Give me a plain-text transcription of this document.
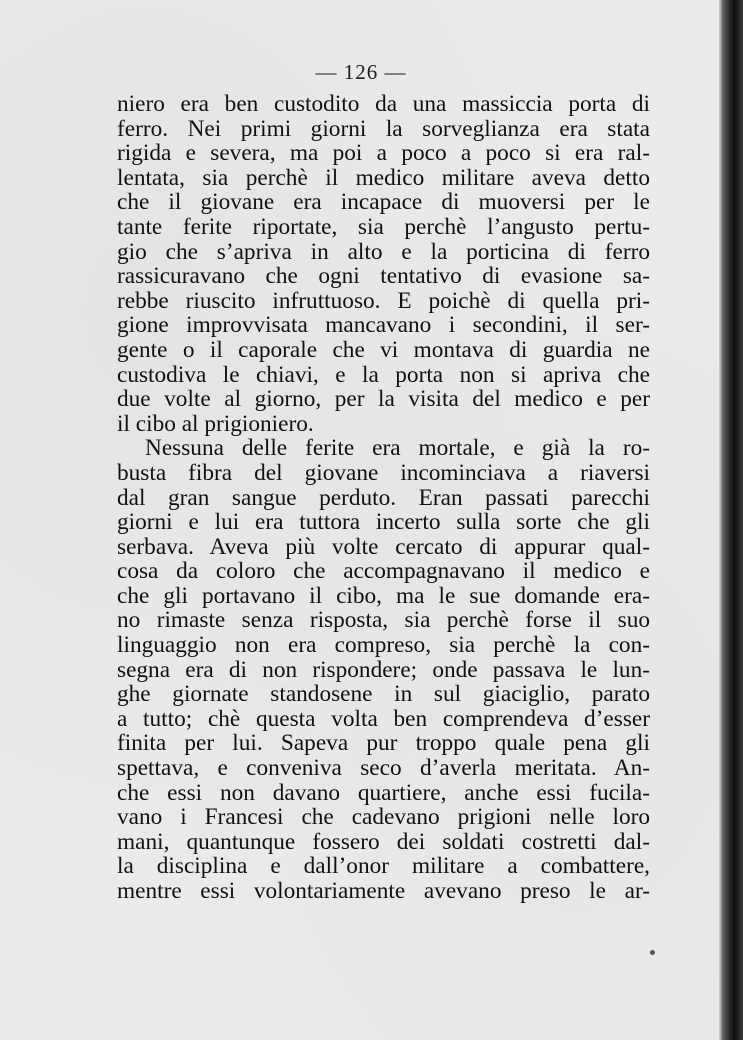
— 126 —
niero era ben custodito da una massiccia porta di
ferro. Nei primi giorni la sorveglianza era stata
rigida e severa, ma poi a poco a poco si era ral-
lentata, sia perchè il medico militare aveva detto
che il giovane era incapace di muoversi per le
tante ferite riportate, sia perchè l’angusto pertu-
gio che s’apriva in alto e la porticina di ferro
rassicuravano che ogni tentativo di evasione sa-
rebbe riuscito infruttuoso. E poichè di quella pri-
gione improvvisata mancavano i secondini, il ser-
gente o il caporale che vi montava di guardia ne
custodiva le chiavi, e la porta non si apriva che
due volte al giorno, per la visita del medico e per
il cibo al prigioniero.
Nessuna delle ferite era mortale, e già la ro-
busta fibra del giovane incominciava a riaversi
dal gran sangue perduto. Eran passati parecchi
giorni e lui era tuttora incerto sulla sorte che gli
serbava. Aveva più volte cercato di appurar qual-
cosa da coloro che accompagnavano il medico e
che gli portavano il cibo, ma le sue domande era-
no rimaste senza risposta, sia perchè forse il suo
linguaggio non era compreso, sia perchè la con-
segna era di non rispondere; onde passava le lun-
ghe giornate standosene in sul giaciglio, parato
a tutto; chè questa volta ben comprendeva d’esser
finita per lui. Sapeva pur troppo quale pena gli
spettava, e conveniva seco d’averla meritata. An-
che essi non davano quartiere, anche essi fucila-
vano i Francesi che cadevano prigioni nelle loro
mani, quantunque fossero dei soldati costretti dal-
la disciplina e dall’onor militare a combattere,
mentre essi volontariamente avevano preso le ar-
